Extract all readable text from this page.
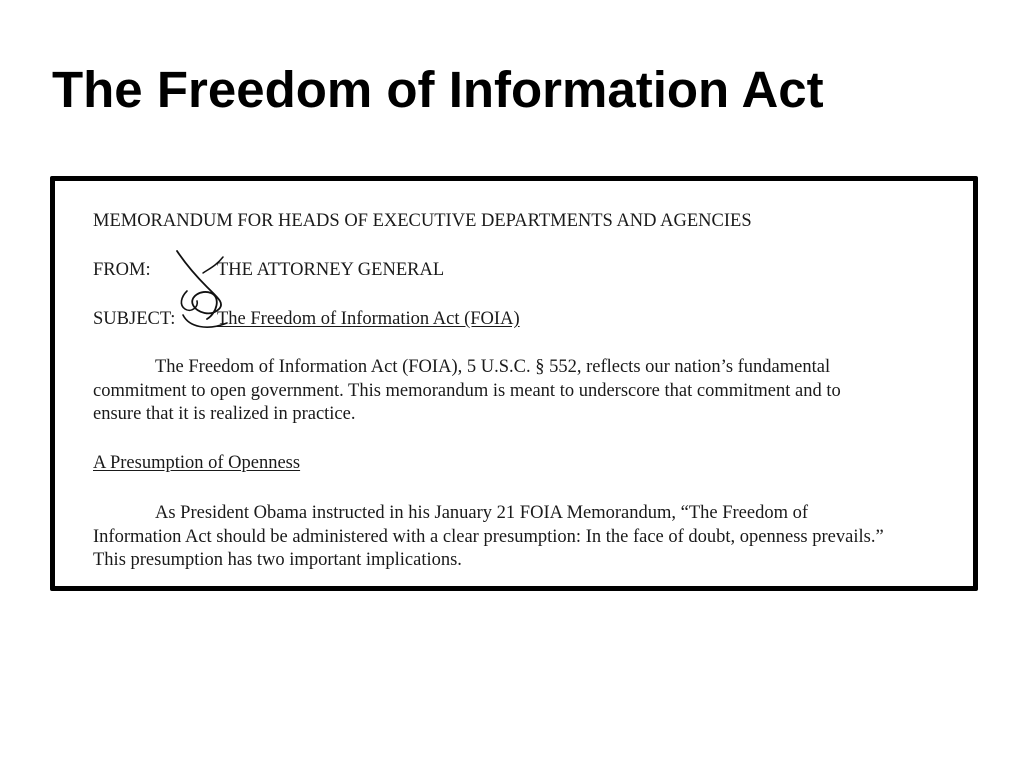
The Freedom of Information Act

MEMORANDUM FOR HEADS OF EXECUTIVE DEPARTMENTS AND AGENCIES

FROM:	THE ATTORNEY GENERAL

SUBJECT: The Freedom of Information Act (FOIA)

The Freedom of Information Act (FOIA), 5 U.S.C. § 552, reflects our nation’s fundamental commitment to open government. This memorandum is meant to underscore that commitment and to ensure that it is realized in practice.

A Presumption of Openness

As President Obama instructed in his January 21 FOIA Memorandum, “The Freedom of Information Act should be administered with a clear presumption: In the face of doubt, openness prevails.” This presumption has two important implications.
